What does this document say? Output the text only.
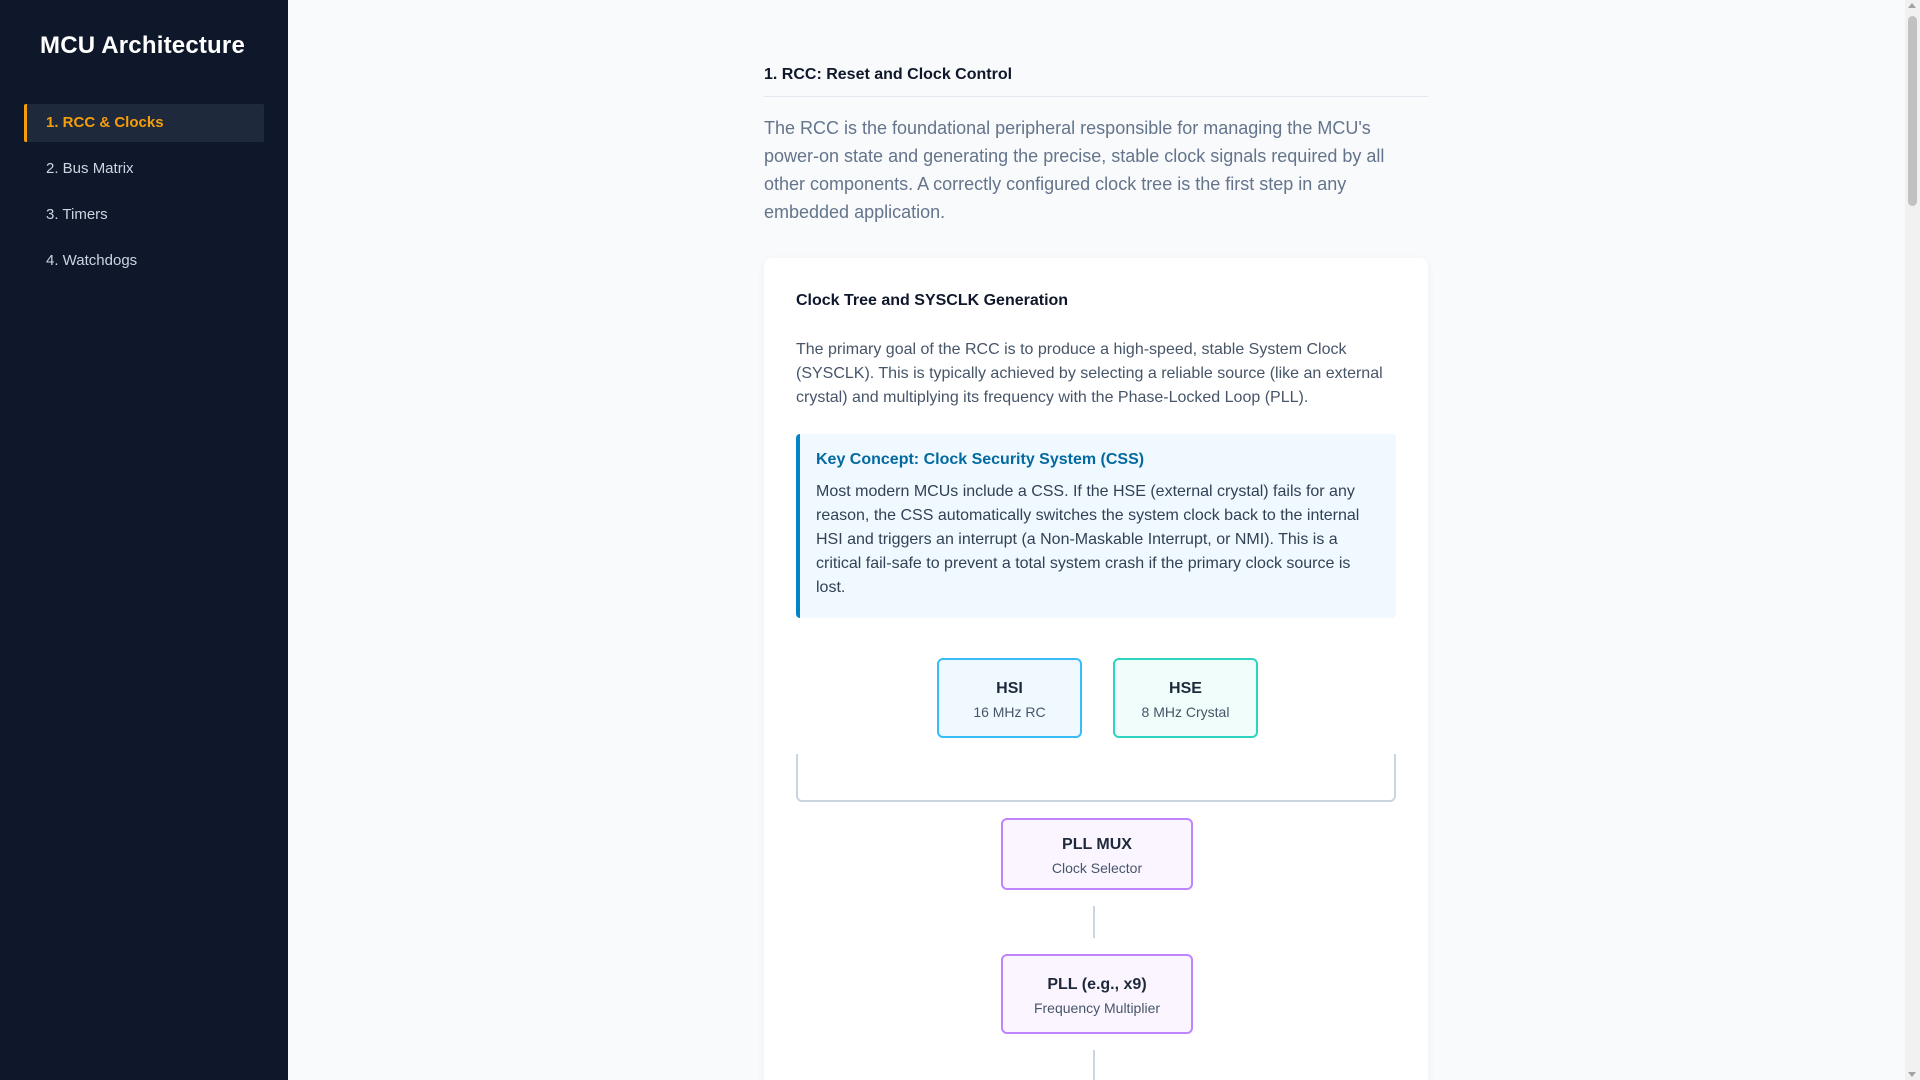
MCU Architecture
1. RCC & Clocks
2. Bus Matrix
3. Timers
4. Watchdogs
1. RCC: Reset and Clock Control

The RCC is the foundational peripheral responsible for managing the MCU's power-on state and generating the precise, stable clock signals required by all other components. A correctly configured clock tree is the first step in any embedded application.

Clock Tree and SYSCLK Generation

The primary goal of the RCC is to produce a high-speed, stable System Clock (SYSCLK). This is typically achieved by selecting a reliable source (like an external crystal) and multiplying its frequency with the Phase-Locked Loop (PLL).

Key Concept: Clock Security System (CSS)
Most modern MCUs include a CSS. If the HSE (external crystal) fails for any reason, the CSS automatically switches the system clock back to the internal HSI and triggers an interrupt (a Non-Maskable Interrupt, or NMI). This is a critical fail-safe to prevent a total system crash if the primary clock source is lost.
HSI
16 MHz RC
HSE
8 MHz Crystal
PLL MUX
Clock Selector
PLL (e.g., x9)
Frequency Multiplier
